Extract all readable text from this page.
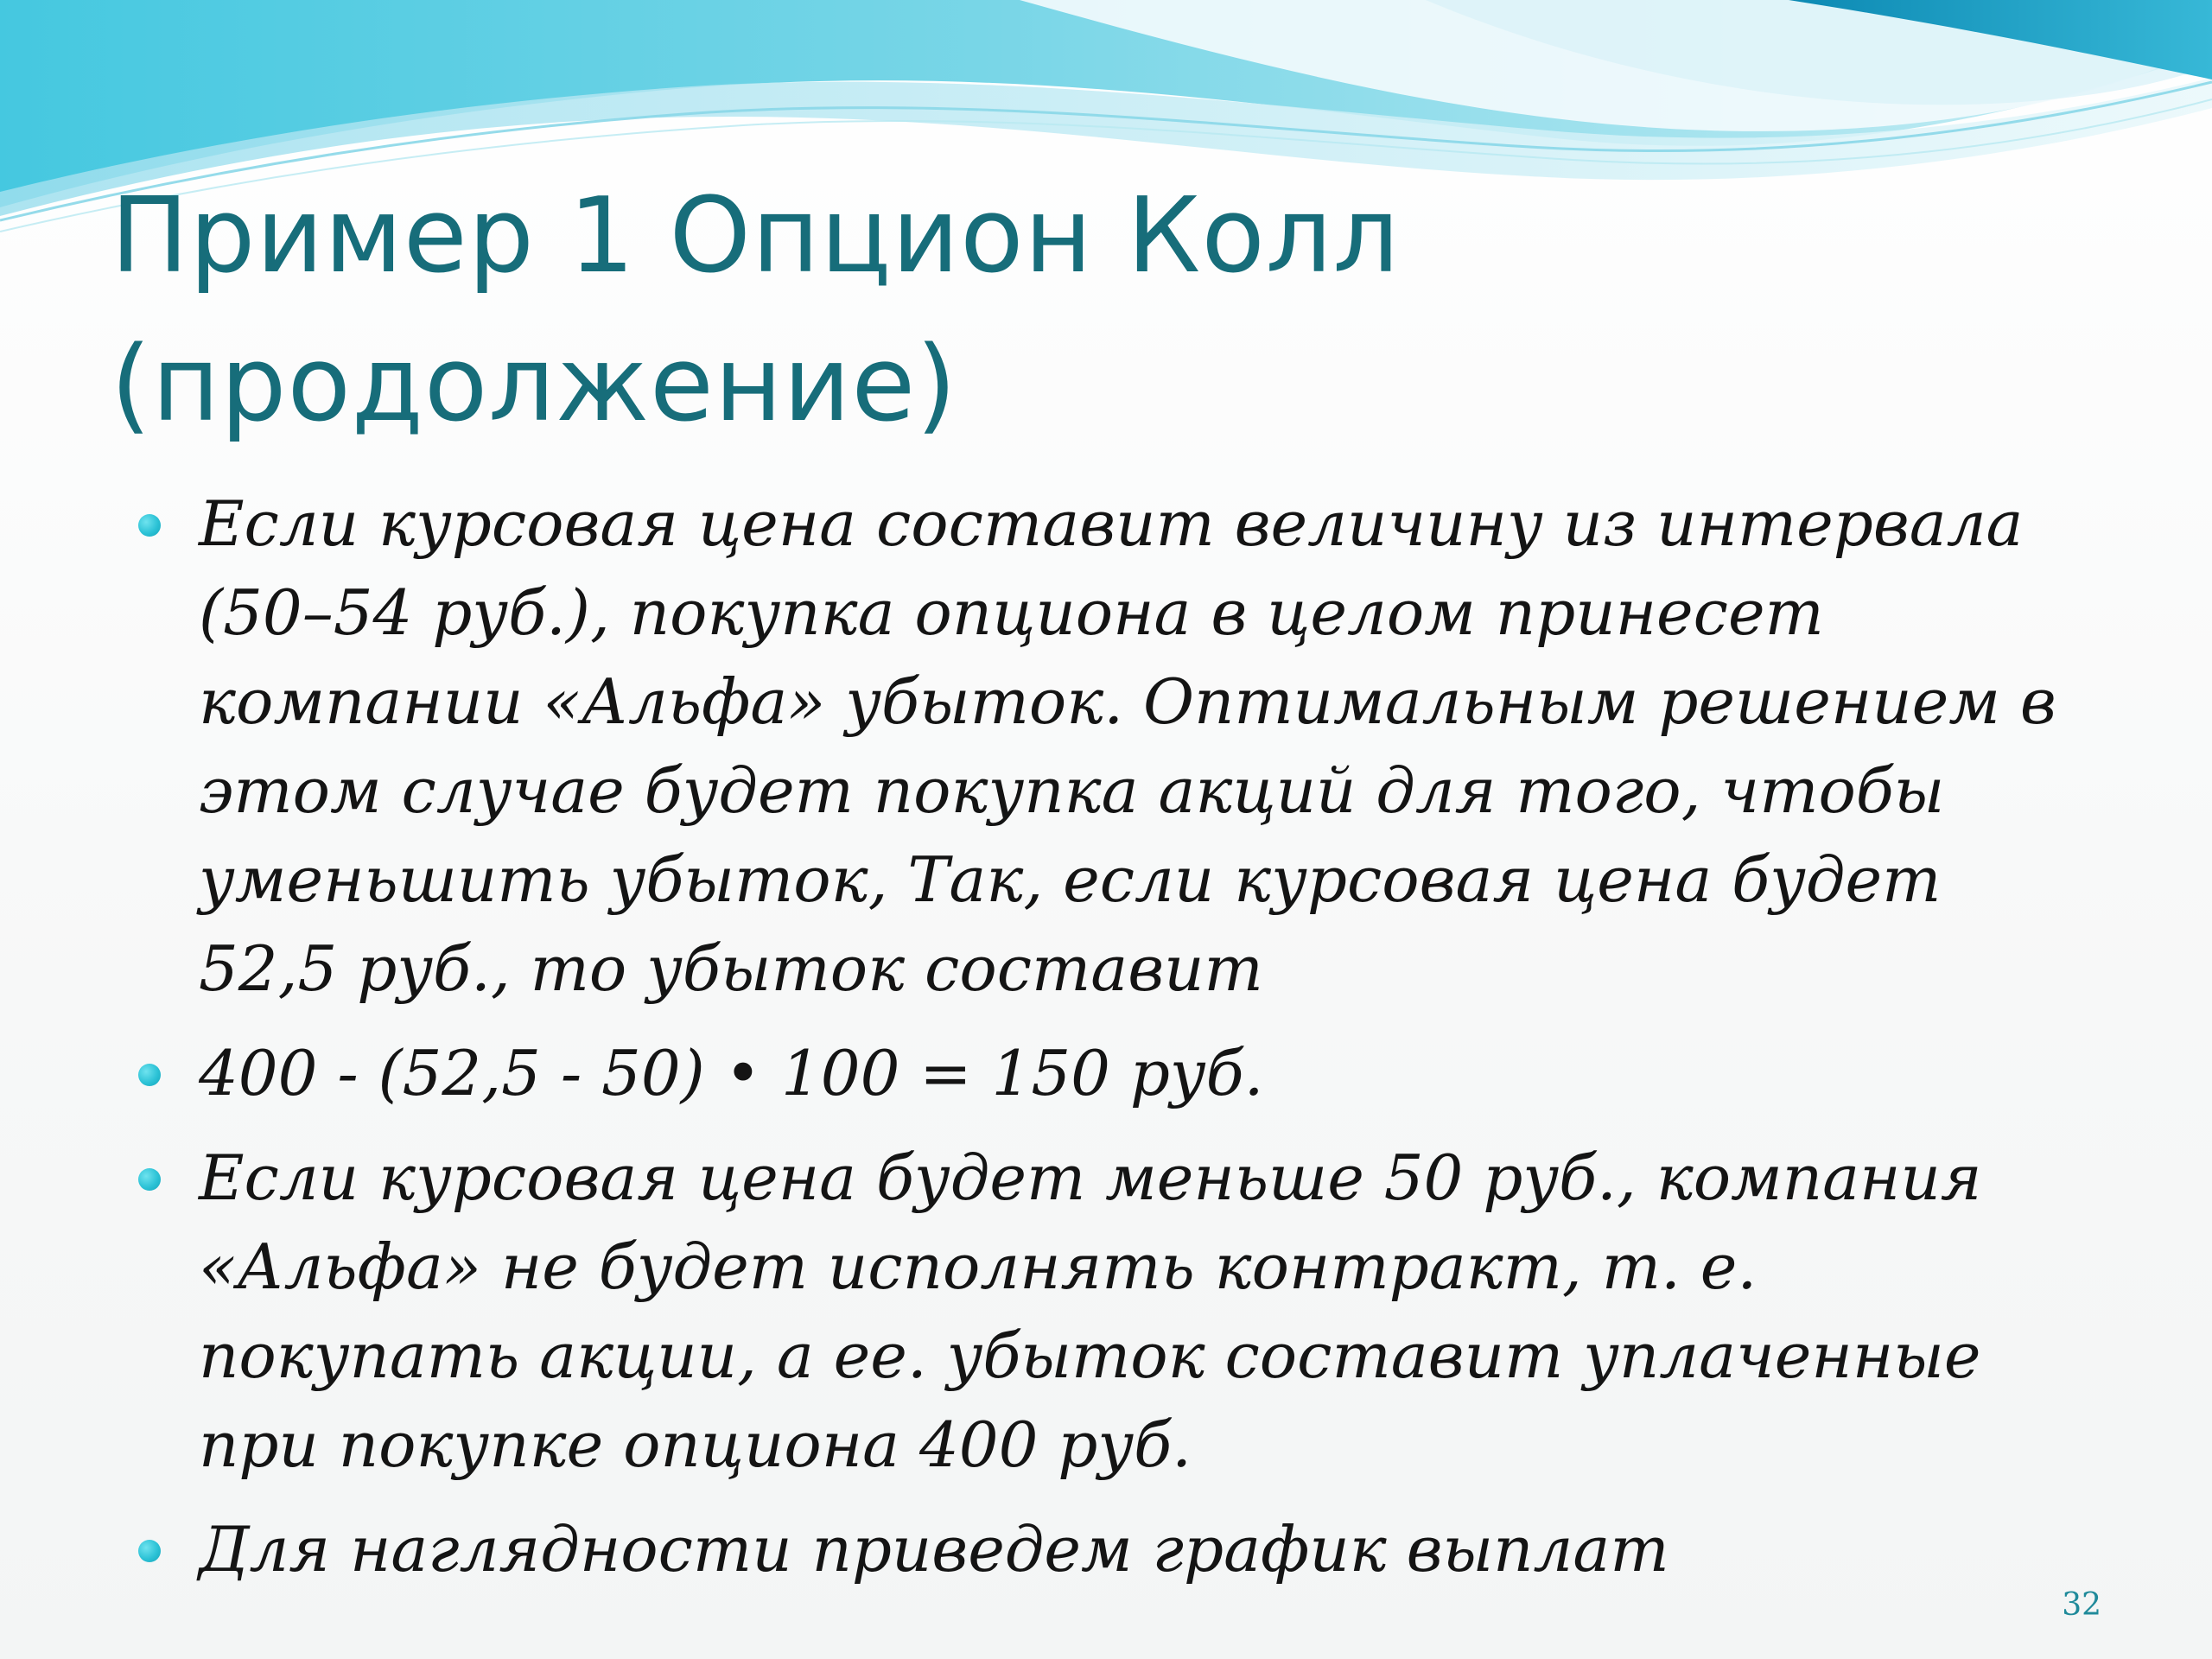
Пример 1 Опцион Колл (продолжение)
Если курсовая цена составит величину из интервала (50–54 руб.), покупка опциона в целом принесет компании «Альфа» убыток. Оптимальным решением в этом случае будет покупка акций для того, чтобы уменьшить убыток, Так, если курсовая цена будет 52,5 руб., то убыток составит
400 - (52,5 - 50) • 100 = 150 руб.
Если курсовая цена будет меньше 50 руб., компания «Альфа» не будет исполнять контракт, т. е. покупать акции, а ее. убыток составит уплаченные при покупке опциона 400 руб.
Для наглядности приведем график выплат
32
